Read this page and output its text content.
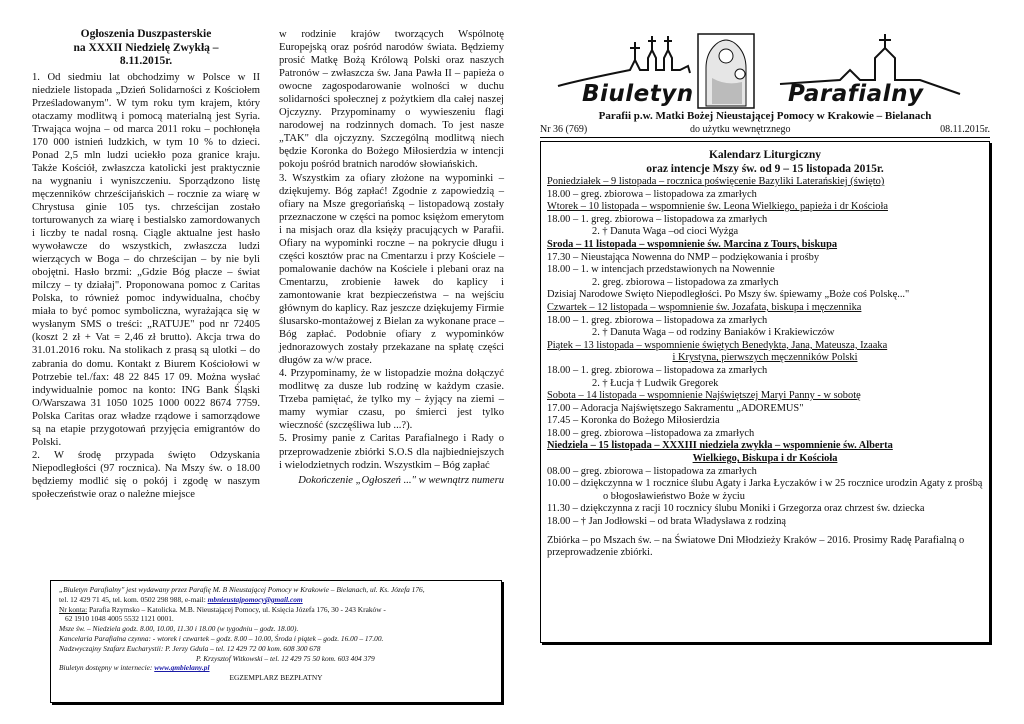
Ogłoszenia Duszpasterskie
na XXXII Niedzielę Zwykłą –
8.11.2015r.

1. Od siedmiu lat obchodzimy w Polsce w II niedziele listopada „Dzień Solidarności z Kościołem Prześladowanym". W tym roku tym krajem, który otaczamy modlitwą i pomocą materialną jest Syria. Trwająca wojna – od marca 2011 roku – pochłonęła 170 000 istnień ludzkich, w tym 10 % to dzieci. Ponad 2,5 mln ludzi uciekło poza granice kraju. Także Kościół, zwłaszcza katolicki jest praktycznie na wygnaniu i wyniszczeniu. Sporządzono listę męczenników chrześcijańskich – rocznie za wiarę w Chrystusa ginie 105 tys. chrześcijan zostało torturowanych za wiarę i bestialsko zamordowanych i liczby te nadal rosną. Ciągle aktualne jest hasło wywoławcze do wszystkich, zwłaszcza ludzi wierzących w Boga – do chrześcijan – by nie byli obojętni. Hasło brzmi: „Gdzie Bóg płacze – świat milczy – ty działaj". Proponowana pomoc z Caritas Polska, to również pomoc indywidualna, choćby miała to być pomoc symboliczna, wyrażająca się w wysłanym SMS o treści: „RATUJE" pod nr 72405 (koszt 2 zł + Vat = 2,46 zł brutto). Akcja trwa do 31.01.2016 roku. Na stolikach z prasą są ulotki – do zabrania do domu. Kontakt z Biurem Kościołowi w Potrzebie tel./fax: 48 22 845 17 09. Można wysłać indywidualnie pomoc na konto: ING Bank Śląski O/Warszawa 31 1050 1025 1000 0022 8674 7759. Polska Caritas oraz władze rządowe i samorządowe są na etapie przygotowań przyjęcia emigrantów do Polski.

2. W środę przypada święto Odzyskania Niepodległości (97 rocznica). Na Mszy św. o 18.00 będziemy modlić się o pokój i zgodę w naszym społeczeństwie oraz o należne miejsce

w rodzinie krajów tworzących Wspólnotę Europejską oraz pośród narodów świata. Będziemy prosić Matkę Bożą Królową Polski oraz naszych Patronów – zwłaszcza św. Jana Pawła II – papieża o owocne zagospodarowanie wolności w duchu solidarności społecznej z pożytkiem dla całej naszej Ojczyzny. Przypominamy o wywieszeniu flagi narodowej na rodzinnych domach. To jest nasze „TAK" dla ojczyzny. Szczególną modlitwą niech będzie Koronka do Bożego Miłosierdzia w intencji pokoju pośród bratnich narodów słowiańskich.

3. Wszystkim za ofiary złożone na wypominki – dziękujemy. Bóg zapłać! Zgodnie z zapowiedzią – ofiary na Msze gregoriańską – listopadową zostały przeznaczone w części na pomoc księżom emerytom i na misjach oraz dla księży pracujących w Parafii. Ofiary na wypominki roczne – na pokrycie długu i części kosztów prac na Cmentarzu i przy Kościele – pomalowanie dachów na Kościele i plebani oraz na Cmentarzu, zrobienie ławek do kaplicy i zamontowanie krat bezpieczeństwa – na wejściu głównym do kaplicy. Raz jeszcze dziękujemy Firmie ślusarsko-montażowej z Bielan za wykonane prace – Bóg zapłać. Podobnie ofiary z wypominków jednorazowych zostały przekazane na spłatę części długów za w/w prace.

4. Przypominamy, że w listopadzie można dołączyć modlitwę za dusze lub rodzinę w każdym czasie. Trzeba pamiętać, że tylko my – żyjący na ziemi – mamy wymiar czasu, po śmierci jest tylko wieczność (szczęśliwa lub ...?).

5. Prosimy panie z Caritas Parafialnego i Rady o przeprowadzenie zbiórki S.O.S dla najbiedniejszych i wielodzietnych rodzin. Wszystkim – Bóg zapłać

Dokończenie „Ogłoszeń ..." w wewnątrz numeru

„Biuletyn Parafialny" jest wydawany przez Parafię M. B Nieustającej Pomocy w Krakowie – Bielanach, ul. Ks. Józefa 176,
tel. 12 429 71 45, tel. kom. 0502 298 988, e-mail: mbnieustajpomocy@gmail.com
Nr konta: Parafia Rzymsko – Katolicka. M.B. Nieustającej Pomocy, ul. Księcia Józefa 176, 30 - 243 Kraków -
62 1910 1048 4005 5532 1121 0001.
Msze św. – Niedziela godz. 8.00, 10.00, 11.30 i 18.00 (w tygodniu – godz. 18.00).
Kancelaria Parafialna czynna: - wtorek i czwartek – godz. 8.00 – 10.00, Środa i piątek – godz. 16.00 – 17.00.
Nadzwyczajny Szafarz Eucharystii: P. Jerzy Gdula – tel. 12 429 72 00 kom. 608 300 678
P. Krzysztof Witkowski – tel. 12 429 75 50 kom. 603 404 379
Biuletyn dostępny w internecie: www.gmbielany.pl
EGZEMPLARZ BEZPŁATNY
Biuletyn	Parafialny
Parafii p.w. Matki Bożej Nieustającej Pomocy w Krakowie – Bielanach
Nr 36 (769)	do użytku wewnętrznego	08.11.2015r.
Kalendarz Liturgiczny
oraz intencje Mszy św. od 9 – 15 listopada 2015r.
Poniedziałek – 9 listopada – rocznica poświęcenie Bazyliki Laterańskiej (święto)
18.00 – greg. zbiorowa – listopadowa za zmarłych
Wtorek – 10 listopada – wspomnienie św. Leona Wielkiego, papieża i dr Kościoła
18.00 – 1. greg. zbiorowa – listopadowa za zmarłych
2. † Danuta Waga –od cioci Wyżga
Środa – 11 listopada – wspomnienie św. Marcina z Tours, biskupa
17.30 – Nieustająca Nowenna do NMP – podziękowania i prośby
18.00 – 1. w intencjach przedstawionych na Nowennie
2. greg. zbiorowa – listopadowa za zmarłych
Dzisiaj Narodowe Święto Niepodległości. Po Mszy św. śpiewamy „Boże coś Polskę..."
Czwartek – 12 listopada – wspomnienie św. Jozafata, biskupa i męczennika
18.00 – 1. greg. zbiorowa – listopadowa za zmarłych
2. † Danuta Waga – od rodziny Baniaków i Krakiewiczów
Piątek – 13 listopada – wspomnienie świętych Benedykta, Jana, Mateusza, Izaaka
i Krystyna, pierwszych męczenników Polski
18.00 – 1. greg. zbiorowa – listopadowa za zmarłych
2. † Łucja † Ludwik Gregorek
Sobota – 14 listopada – wspomnienie Najświętszej Maryi Panny - w sobotę
17.00 – Adoracja Najświętszego Sakramentu „ADOREMUS"
17.45 – Koronka do Bożego Miłosierdzia
18.00 – greg. zbiorowa –listopadowa za zmarłych
Niedziela – 15 listopada – XXXIII niedziela zwykła – wspomnienie św. Alberta
Wielkiego, Biskupa i dr Kościoła
08.00 – greg. zbiorowa – listopadowa za zmarłych
10.00 – dziękczynna w 1 rocznice ślubu Agaty i Jarka Łyczaków i w 25 rocznice urodzin Agaty z prośbą o błogosławieństwo Boże w życiu
11.30 – dziękczynna z racji 10 rocznicy ślubu Moniki i Grzegorza oraz chrzest św. dziecka
18.00 – † Jan Jodłowski – od brata Władysława z rodziną
Zbiórka – po Mszach św. – na Światowe Dni Młodzieży Kraków – 2016. Prosimy Radę Parafialną o przeprowadzenie zbiórki.
